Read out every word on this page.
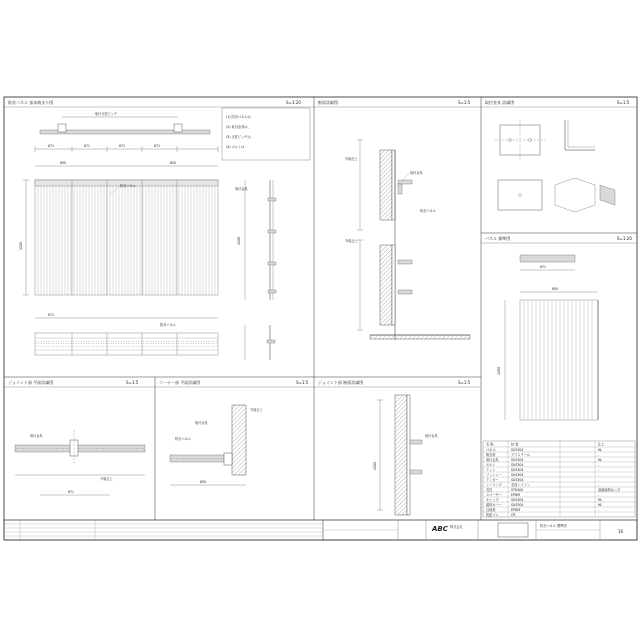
防音パネル 基本納まり図	S=1:20
取付支柱ピッチ
671	671	671	671
850	850
1200
防音パネル
1200
取付金具
671
防音パネル
(1) 防音パネルは、
(2) 取付金具は、
(3) 支柱ピッチは、
(4) ボルトは、
断面詳細図	S=1:5
外装仕上
取付金具
防音パネル
外装仕上
取付金具 詳細図	S=1:5
パネル 標準図	S=1:20
671
850
1200
名 称	材 質	仕上
パネル	SUS304	HL
吸音材	グラスウール	-
取付金具	SUS304	HL
ボルト	SUS304	-
ナット	SUS304	-
ワッシャー	SUS304	-
アンカー	SUS304	-
シーリング	変成シリコン	-
支柱	STK400	溶融亜鉛めっき
スペーサー	EPDM	-
キャップ	SUS304	HL
端部カバー	SUS304	HL
目地材	EPDM	-
防振ゴム	CR	-
ジョイント部 平面詳細図	S=1:5
671
取付金具
外装仕上
コーナー部 平面詳細図	S=1:5
850
取付金具
外装仕上
防音パネル
ジョイント部 断面詳細図	S=1:5
1200
取付金具
ABC 株式会社	防音パネル 標準図
16
